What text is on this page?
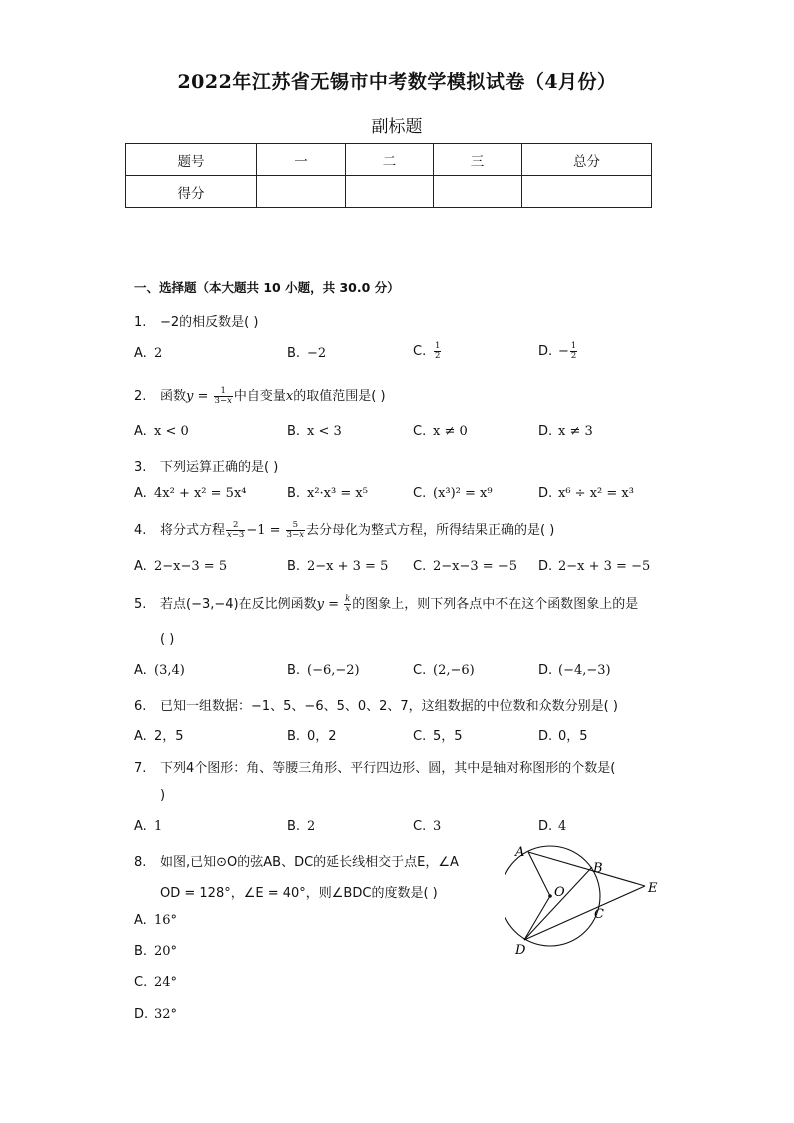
2022年江苏省无锡市中考数学模拟试卷（4月份）
副标题
题号	一	二	三	总分
得分				
一、选择题（本大题共 10 小题，共 30.0 分）
1. −2的相反数是( )
A. 2	B. −2	C. $\frac{1}{2}$	D. − $\frac{1}{2}$
2. 函数$y = \frac{1}{3-x}$ 中自变量x的取值范围是( )
A. x < 0	B. x < 3	C. x ≠ 0	D. x ≠ 3
3. 下列运算正确的是( )
A. 4x² + x² = 5x⁴	B. x²·x³ = x⁵	C. (x³)² = x⁹	D. x⁶ ÷ x² = x³
4. 将分式方程 $\frac{2}{x-3} -1 = \frac{5}{3-x}$ 去分母化为整式方程，所得结果正确的是( )
A. 2−x−3 = 5	B. 2−x + 3 = 5 C. 2−x−3 = −5 D. 2−x + 3 = −5
5. 若点(−3,−4)在反比例函数$y = \frac{k}{x}$ 的图象上，则下列各点中不在这个函数图象上的是
( )
A. (3,4)	B. (−6,−2)	C. (2,−6)	D. (−4,−3)
6. 已知一组数据：−1、5、−6、5、0、2、7，这组数据的中位数和众数分别是( )
A. 2，5	B. 0，2	C. 5，5	D. 0，5
7. 下列4个图形：角、等腰三角形、平行四边形、圆，其中是轴对称图形的个数是(
)
A. 1	B. 2	C. 3	D. 4
8. 如图,已知⊙O的弦AB、DC的延长线相交于点E，∠A
OD = 128°，∠E = 40°，则∠BDC的度数是( )
A. 16°
B. 20°
C. 24°
D. 32°
A
B
O	E
C
D
